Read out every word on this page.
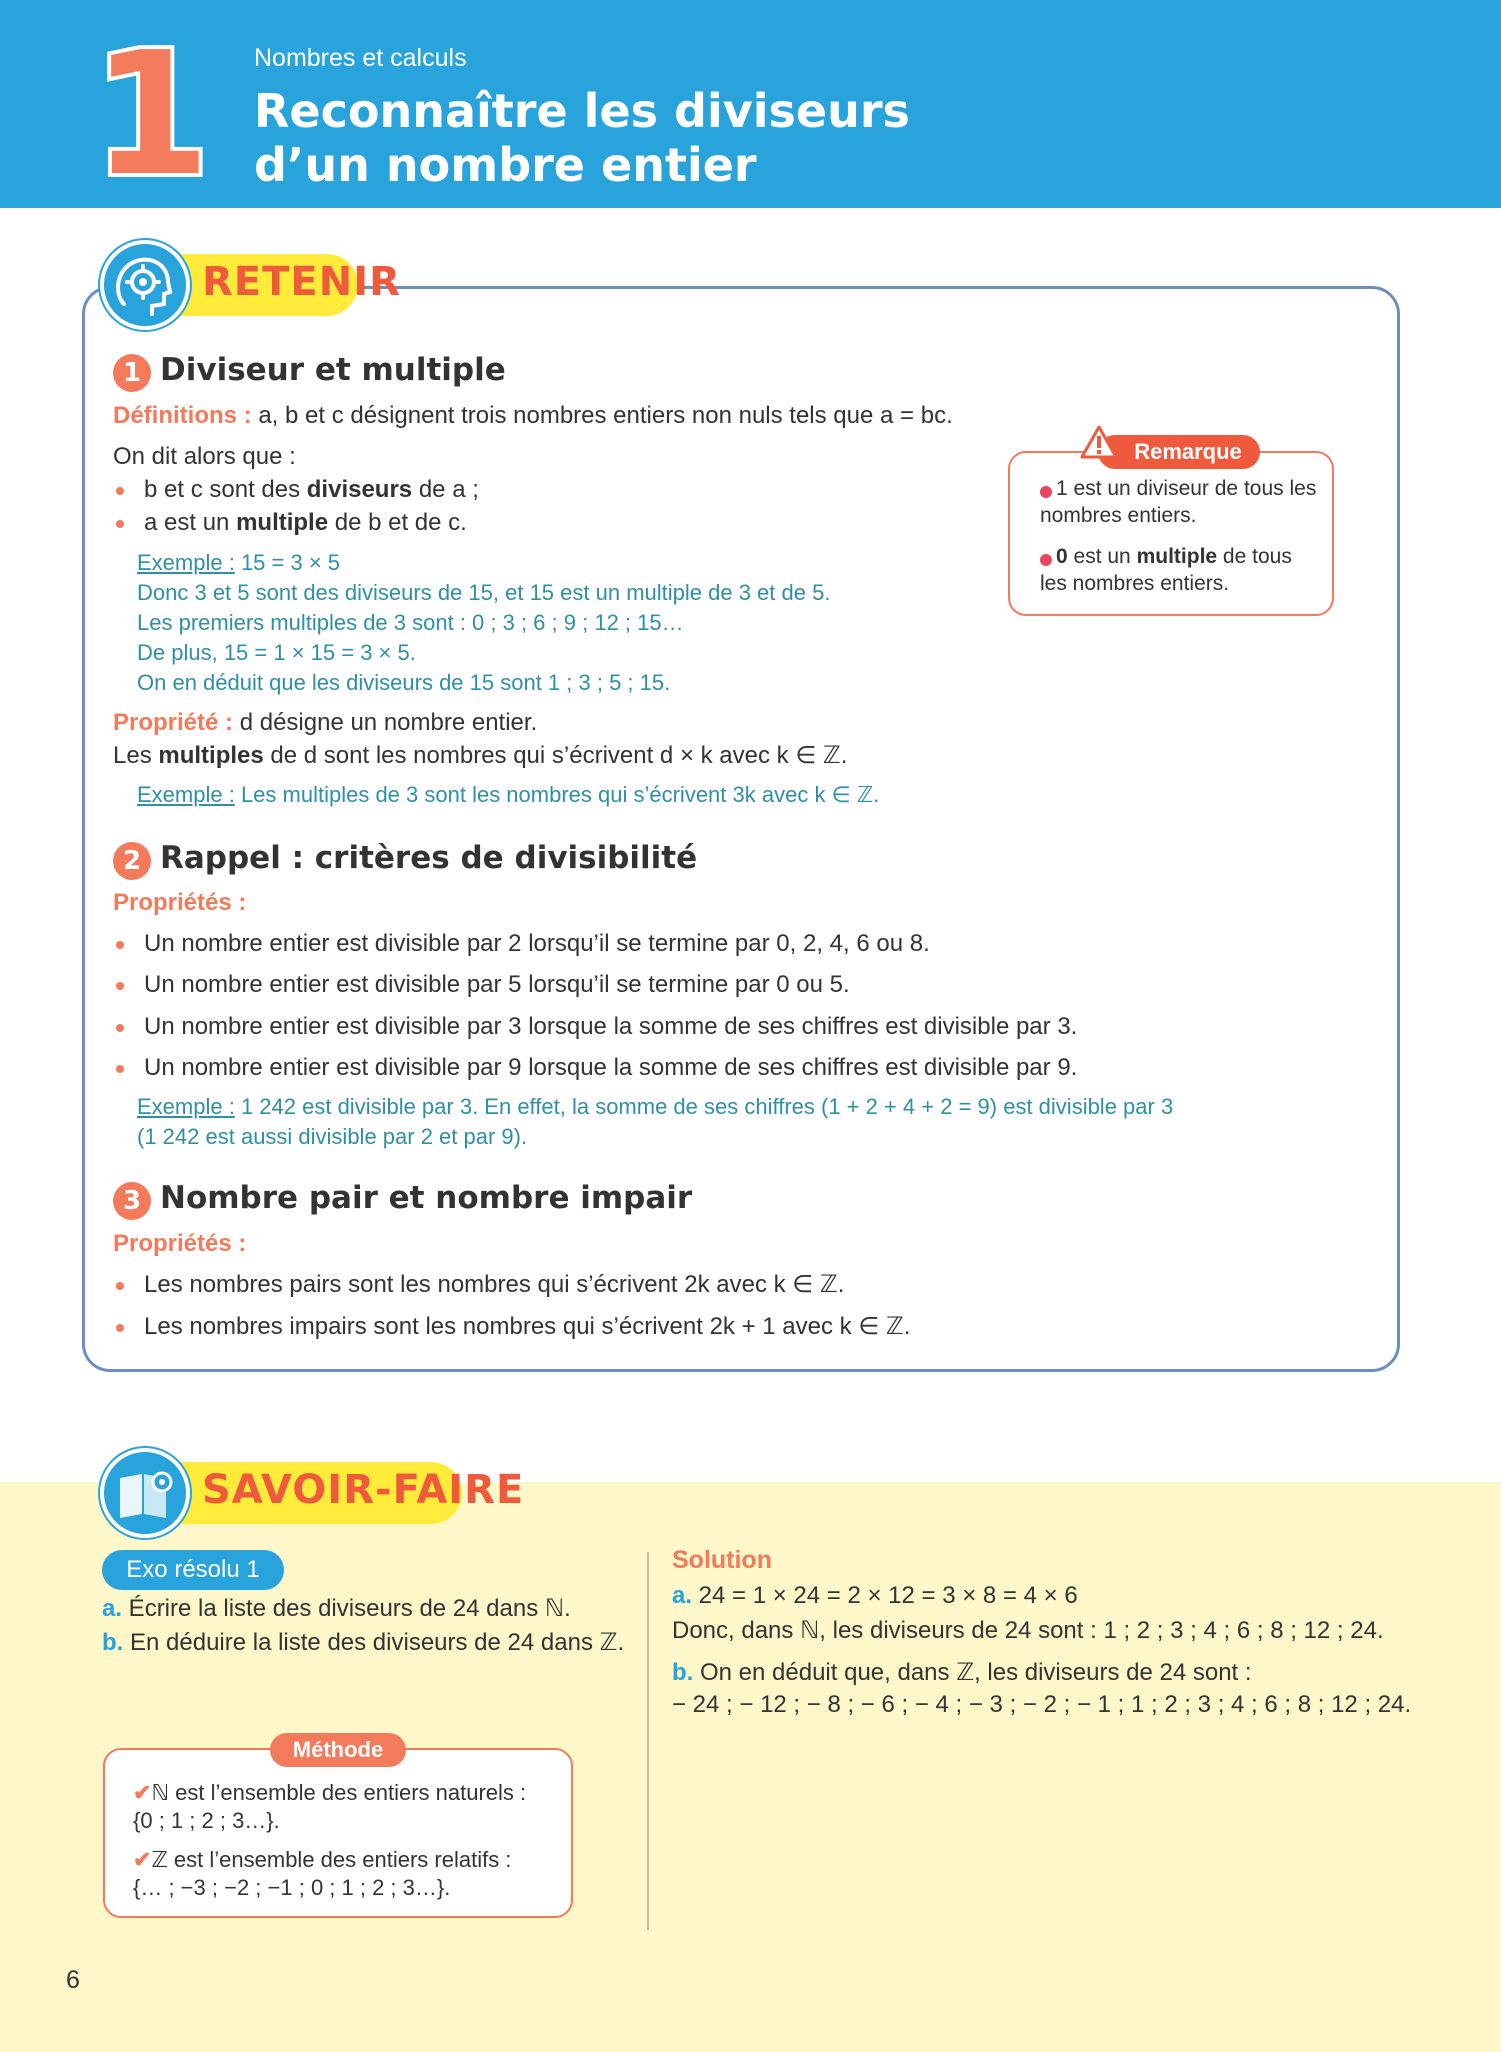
1 Nombres et calculs
Reconnaître les diviseurs
d’un nombre entier
RETENIR
1 Diviseur et multiple
Définitions : a, b et c désignent trois nombres entiers non nuls tels que a = bc.
On dit alors que :
b et c sont des diviseurs de a ;
a est un multiple de b et de c.
Exemple : 15 = 3 × 5
Donc 3 et 5 sont des diviseurs de 15, et 15 est un multiple de 3 et de 5.
Les premiers multiples de 3 sont : 0 ; 3 ; 6 ; 9 ; 12 ; 15…
De plus, 15 = 1 × 15 = 3 × 5.
On en déduit que les diviseurs de 15 sont 1 ; 3 ; 5 ; 15.
Propriété : d désigne un nombre entier.
Les multiples de d sont les nombres qui s’écrivent d × k avec k ∈ ℤ.
Exemple : Les multiples de 3 sont les nombres qui s’écrivent 3k avec k ∈ ℤ.
Remarque
1 est un diviseur de tous les nombres entiers.
0 est un multiple de tous les nombres entiers.
2 Rappel : critères de divisibilité
Propriétés :
Un nombre entier est divisible par 2 lorsqu’il se termine par 0, 2, 4, 6 ou 8.
Un nombre entier est divisible par 5 lorsqu’il se termine par 0 ou 5.
Un nombre entier est divisible par 3 lorsque la somme de ses chiffres est divisible par 3.
Un nombre entier est divisible par 9 lorsque la somme de ses chiffres est divisible par 9.
Exemple : 1 242 est divisible par 3. En effet, la somme de ses chiffres (1 + 2 + 4 + 2 = 9) est divisible par 3
(1 242 est aussi divisible par 2 et par 9).
3 Nombre pair et nombre impair
Propriétés :
Les nombres pairs sont les nombres qui s’écrivent 2k avec k ∈ ℤ.
Les nombres impairs sont les nombres qui s’écrivent 2k + 1 avec k ∈ ℤ.
SAVOIR-FAIRE
Exo résolu 1
a. Écrire la liste des diviseurs de 24 dans ℕ.
b. En déduire la liste des diviseurs de 24 dans ℤ.
Méthode
✔ℕ est l’ensemble des entiers naturels :
{0 ; 1 ; 2 ; 3…}.
✔ℤ est l’ensemble des entiers relatifs :
{… ; −3 ; −2 ; −1 ; 0 ; 1 ; 2 ; 3…}.
Solution
a. 24 = 1 × 24 = 2 × 12 = 3 × 8 = 4 × 6
Donc, dans ℕ, les diviseurs de 24 sont : 1 ; 2 ; 3 ; 4 ; 6 ; 8 ; 12 ; 24.
b. On en déduit que, dans ℤ, les diviseurs de 24 sont :
− 24 ; − 12 ; − 8 ; − 6 ; − 4 ; − 3 ; − 2 ; − 1 ; 1 ; 2 ; 3 ; 4 ; 6 ; 8 ; 12 ; 24.
6
